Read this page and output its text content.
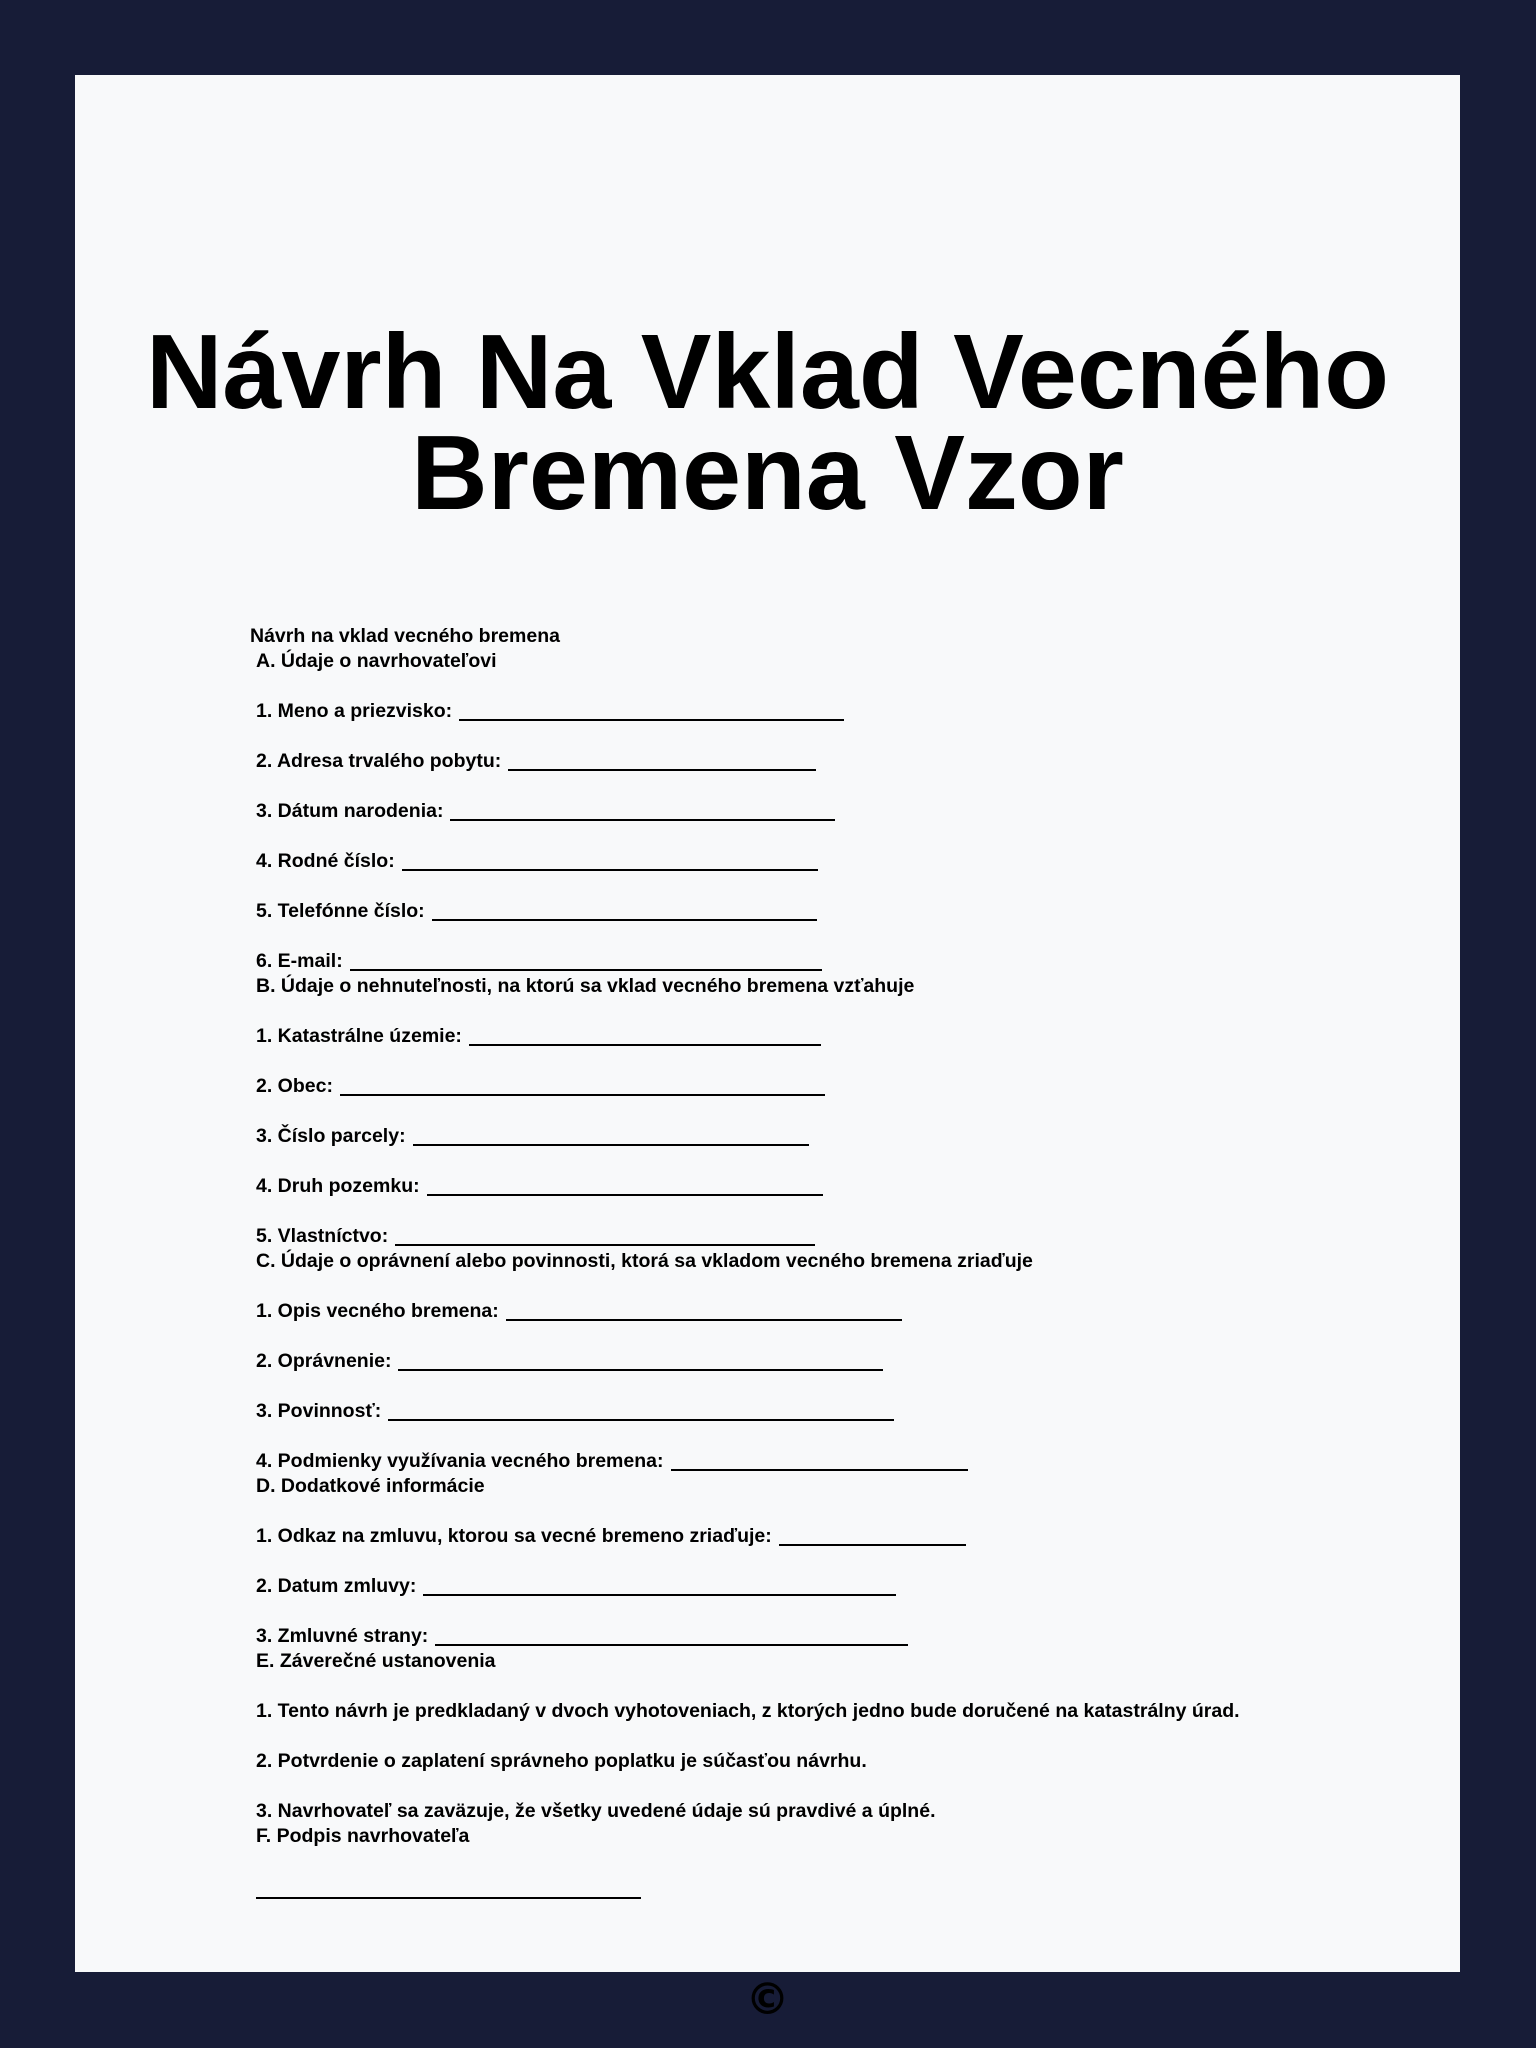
Návrh Na Vklad Vecného
Bremena Vzor
Návrh na vklad vecného bremena
A. Údaje o navrhovateľovi
1. Meno a priezvisko:
2. Adresa trvalého pobytu:
3. Dátum narodenia:
4. Rodné číslo:
5. Telefónne číslo:
6. E-mail:
B. Údaje o nehnuteľnosti, na ktorú sa vklad vecného bremena vzťahuje
1. Katastrálne územie:
2. Obec:
3. Číslo parcely:
4. Druh pozemku:
5. Vlastníctvo:
C. Údaje o oprávnení alebo povinnosti, ktorá sa vkladom vecného bremena zriaďuje
1. Opis vecného bremena:
2. Oprávnenie:
3. Povinnosť:
4. Podmienky využívania vecného bremena:
D. Dodatkové informácie
1. Odkaz na zmluvu, ktorou sa vecné bremeno zriaďuje:
2. Datum zmluvy:
3. Zmluvné strany:
E. Záverečné ustanovenia
1. Tento návrh je predkladaný v dvoch vyhotoveniach, z ktorých jedno bude doručené na katastrálny úrad.
2. Potvrdenie o zaplatení správneho poplatku je súčasťou návrhu.
3. Navrhovateľ sa zaväzuje, že všetky uvedené údaje sú pravdivé a úplné.
F. Podpis navrhovateľa
©
